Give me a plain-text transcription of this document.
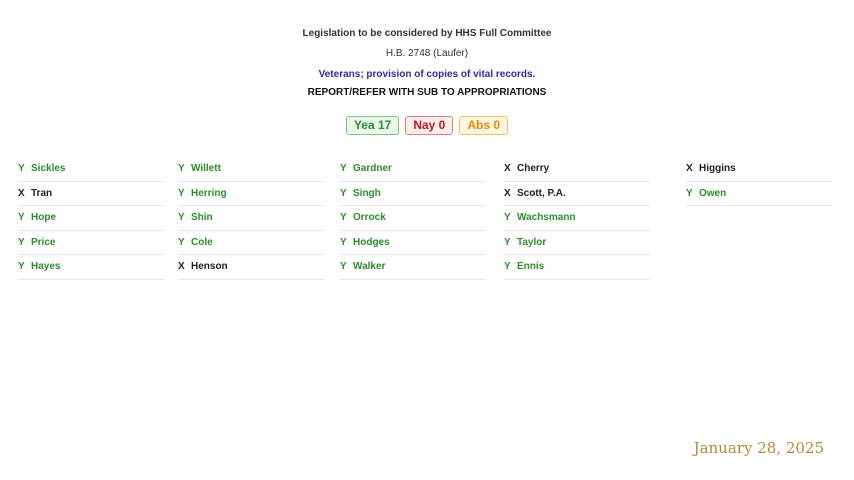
Legislation to be considered by HHS Full Committee
H.B. 2748 (Laufer)
Veterans; provision of copies of vital records.
REPORT/REFER WITH SUB TO APPROPRIATIONS
Yea 17 Nay 0 Abs 0
Y Sickles
X Tran
Y Hope
Y Price
Y Hayes
Y Willett
Y Herring
Y Shin
Y Cole
X Henson
Y Gardner
Y Singh
Y Orrock
Y Hodges
Y Walker
X Cherry
X Scott, P.A.
Y Wachsmann
Y Taylor
Y Ennis
X Higgins
Y Owen
January 28, 2025
